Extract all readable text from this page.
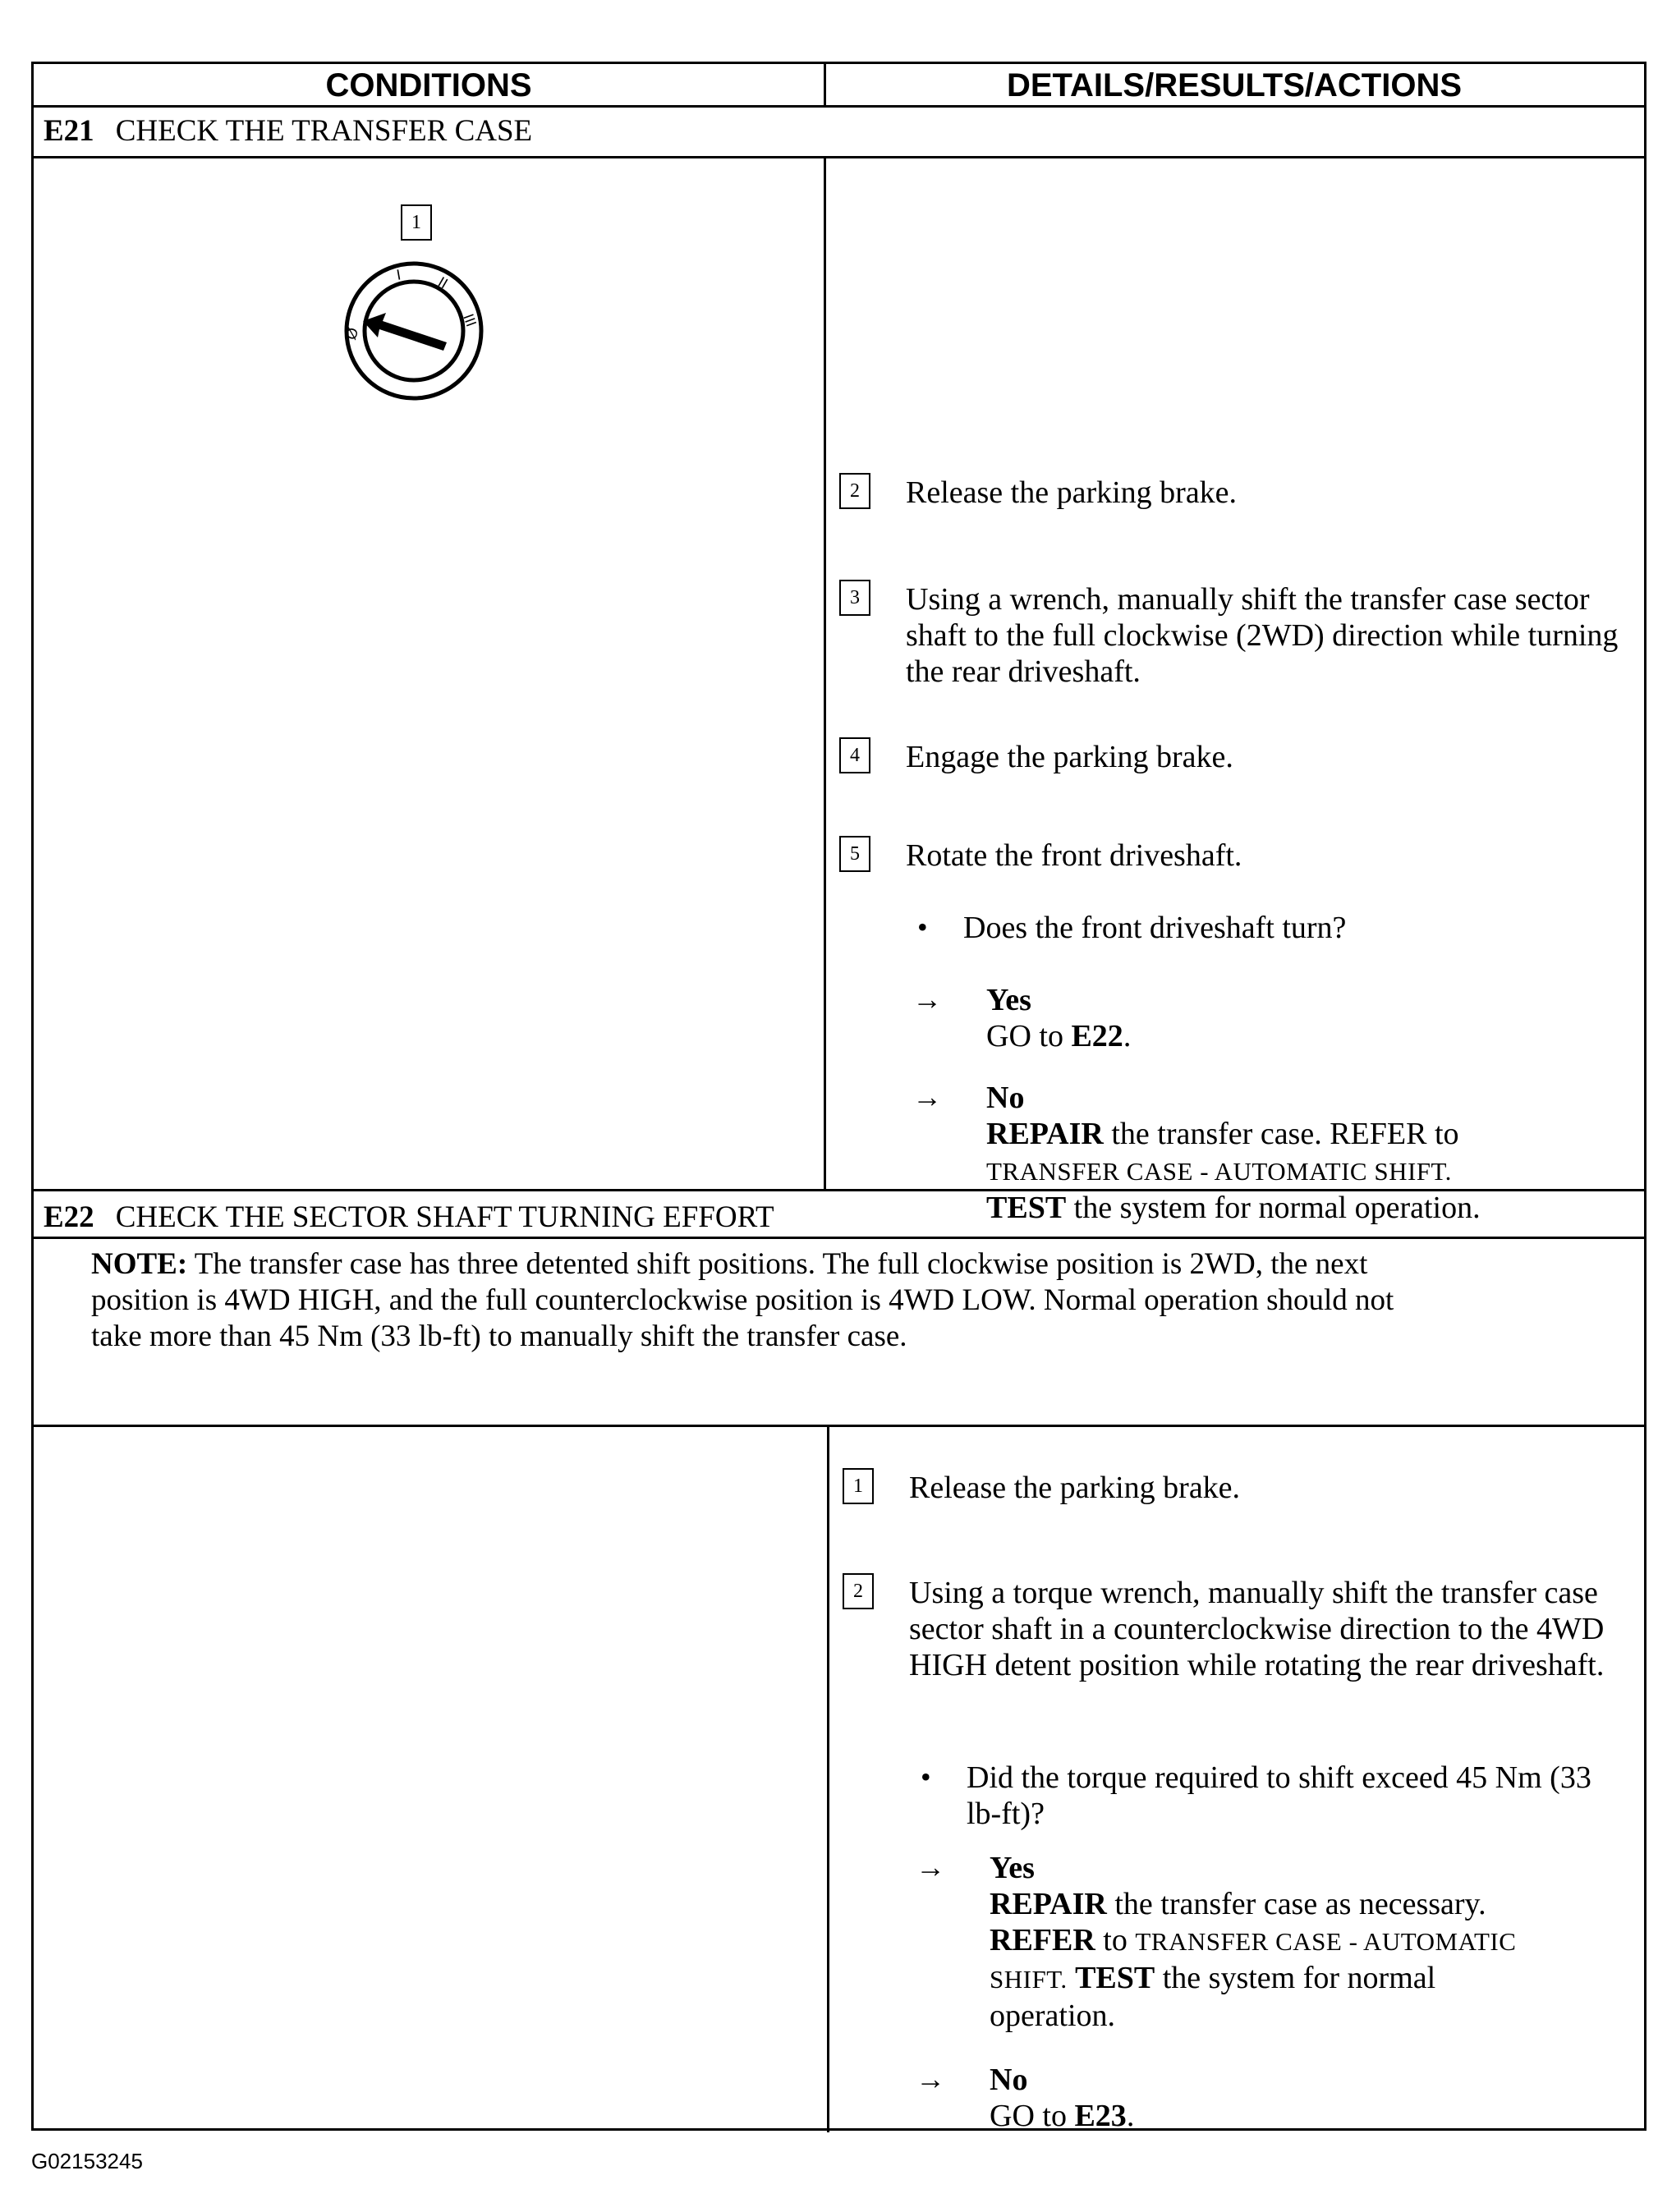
CONDITIONS	DETAILS/RESULTS/ACTIONS
E21 CHECK THE TRANSFER CASE
1
Ø
I II
III
2	Release the parking brake.
3	Using a wrench, manually shift the transfer case sector shaft to the full clockwise (2WD) direction while turning the rear driveshaft.
4	Engage the parking brake.
5	Rotate the front driveshaft.
• Does the front driveshaft turn?
→ Yes
GO to E22.
→ No
REPAIR the transfer case. REFER to
TRANSFER CASE - AUTOMATIC SHIFT.
TEST the system for normal operation.
E22 CHECK THE SECTOR SHAFT TURNING EFFORT
NOTE: The transfer case has three detented shift positions. The full clockwise position is 2WD, the next
position is 4WD HIGH, and the full counterclockwise position is 4WD LOW. Normal operation should not
take more than 45 Nm (33 lb-ft) to manually shift the transfer case.
1	Release the parking brake.
2	Using a torque wrench, manually shift the transfer case sector shaft in a counterclockwise direction to the 4WD HIGH detent position while rotating the rear driveshaft.
• Did the torque required to shift exceed 45 Nm (33 lb-ft)?
→ Yes
REPAIR the transfer case as necessary.
REFER to TRANSFER CASE - AUTOMATIC
SHIFT. TEST the system for normal
operation.
→ No
GO to E23.
G02153245
